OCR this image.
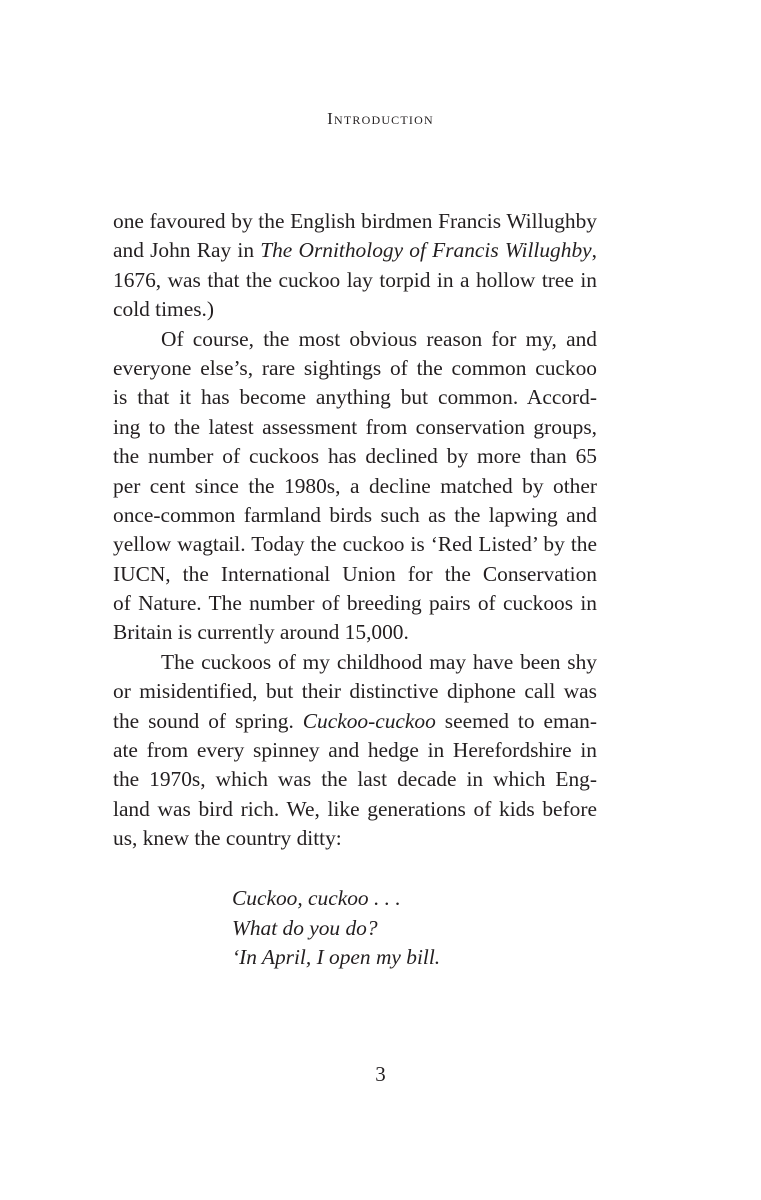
Introduction
one favoured by the English birdmen Francis Willughby
and John Ray in The Ornithology of Francis Willughby,
1676, was that the cuckoo lay torpid in a hollow tree in
cold times.)
Of course, the most obvious reason for my, and
everyone else’s, rare sightings of the common cuckoo
is that it has become anything but common. Accord-
ing to the latest assessment from conservation groups,
the number of cuckoos has declined by more than 65
per cent since the 1980s, a decline matched by other
once-common farmland birds such as the lapwing and
yellow wagtail. Today the cuckoo is ‘Red Listed’ by the
IUCN, the International Union for the Conservation
of Nature. The number of breeding pairs of cuckoos in
Britain is currently around 15,000.
The cuckoos of my childhood may have been shy
or misidentified, but their distinctive diphone call was
the sound of spring. Cuckoo-cuckoo seemed to eman-
ate from every spinney and hedge in Herefordshire in
the 1970s, which was the last decade in which Eng-
land was bird rich. We, like generations of kids before
us, knew the country ditty:
Cuckoo, cuckoo . . .
What do you do?
‘In April, I open my bill.
3
